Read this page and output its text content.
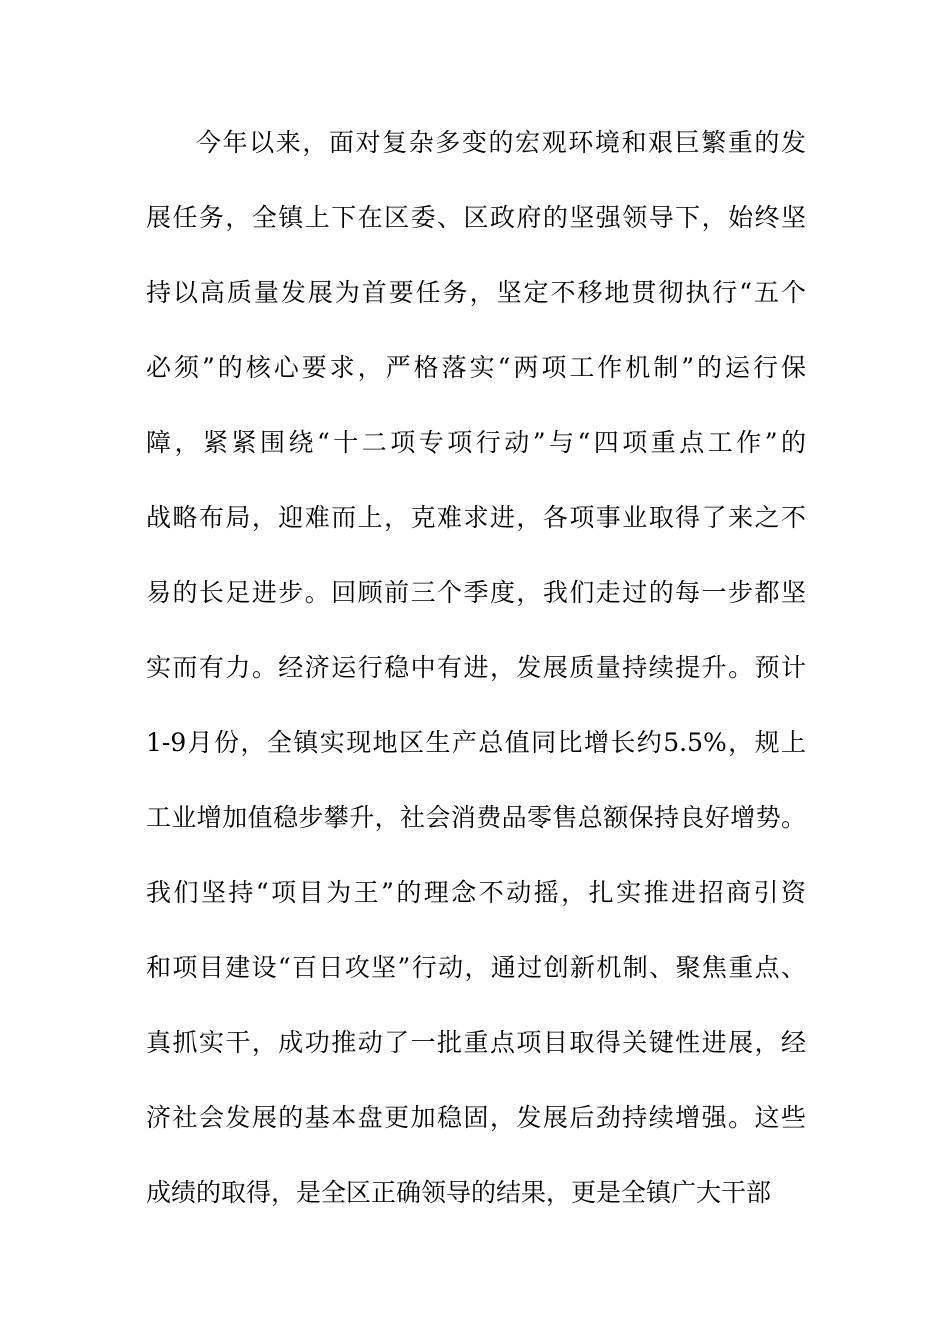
今年以来，面对复杂多变的宏观环境和艰巨繁重的发
展任务，全镇上下在区委、区政府的坚强领导下，始终坚
持以高质量发展为首要任务，坚定不移地贯彻执行“五个
必须”的核心要求，严格落实“两项工作机制”的运行保
障，紧紧围绕“十二项专项行动”与“四项重点工作”的
战略布局，迎难而上，克难求进，各项事业取得了来之不
易的长足进步。回顾前三个季度，我们走过的每一步都坚
实而有力。经济运行稳中有进，发展质量持续提升。预计
1-9月份，全镇实现地区生产总值同比增长约5.5%，规上
工业增加值稳步攀升，社会消费品零售总额保持良好增势。
我们坚持“项目为王”的理念不动摇，扎实推进招商引资
和项目建设“百日攻坚”行动，通过创新机制、聚焦重点、
真抓实干，成功推动了一批重点项目取得关键性进展，经
济社会发展的基本盘更加稳固，发展后劲持续增强。这些
成绩的取得，是全区正确领导的结果，更是全镇广大干部
